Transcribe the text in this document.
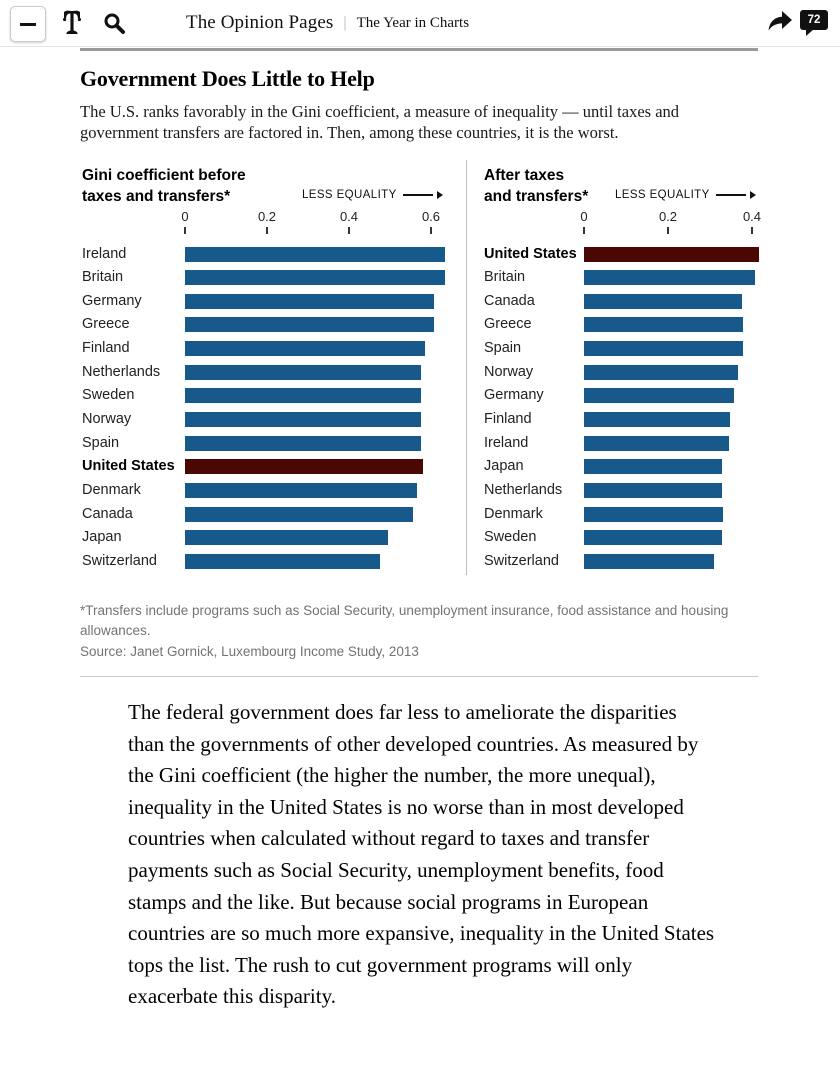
The Opinion Pages | The Year in Charts	72
Government Does Little to Help
The U.S. ranks favorably in the Gini coefficient, a measure of inequality — until taxes and government transfers are factored in. Then, among these countries, it is the worst.
Gini coefficient before
taxes and transfers*
After taxes
and transfers*
LESS EQUALITY	LESS EQUALITY
0	0.2	0.4	0.6
Ireland
Britain
Germany
Greece
Finland
Netherlands
Sweden
Norway
Spain
United States
Denmark
Canada
Japan
Switzerland
0	0.2	0.4
United States
Britain
Canada
Greece
Spain
Norway
Germany
Finland
Ireland
Japan
Netherlands
Denmark
Sweden
Switzerland
*Transfers include programs such as Social Security, unemployment insurance, food assistance and housing allowances.
Source: Janet Gornick, Luxembourg Income Study, 2013
The federal government does far less to ameliorate the disparities than the governments of other developed countries. As measured by the Gini coefficient (the higher the number, the more unequal), inequality in the United States is no worse than in most developed countries when calculated without regard to taxes and transfer payments such as Social Security, unemployment benefits, food stamps and the like. But because social programs in European countries are so much more expansive, inequality in the United States tops the list. The rush to cut government programs will only exacerbate this disparity.
